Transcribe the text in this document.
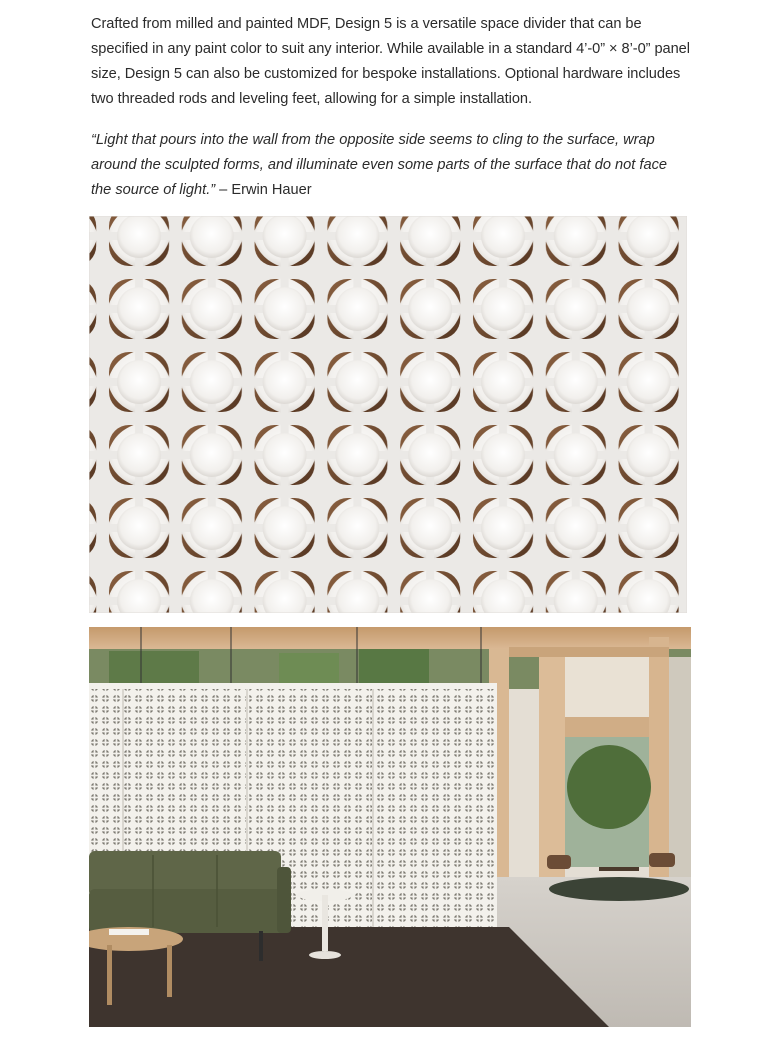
Crafted from milled and painted MDF, Design 5 is a versatile space divider that can be specified in any paint color to suit any interior. While available in a standard 4’-0” × 8’-0” panel size, Design 5 can also be customized for bespoke installations. Optional hardware includes two threaded rods and leveling feet, allowing for a simple installation.

“Light that pours into the wall from the opposite side seems to cling to the surface, wrap around the sculpted forms, and illuminate even some parts of the surface that do not face the source of light.” – Erwin Hauer
